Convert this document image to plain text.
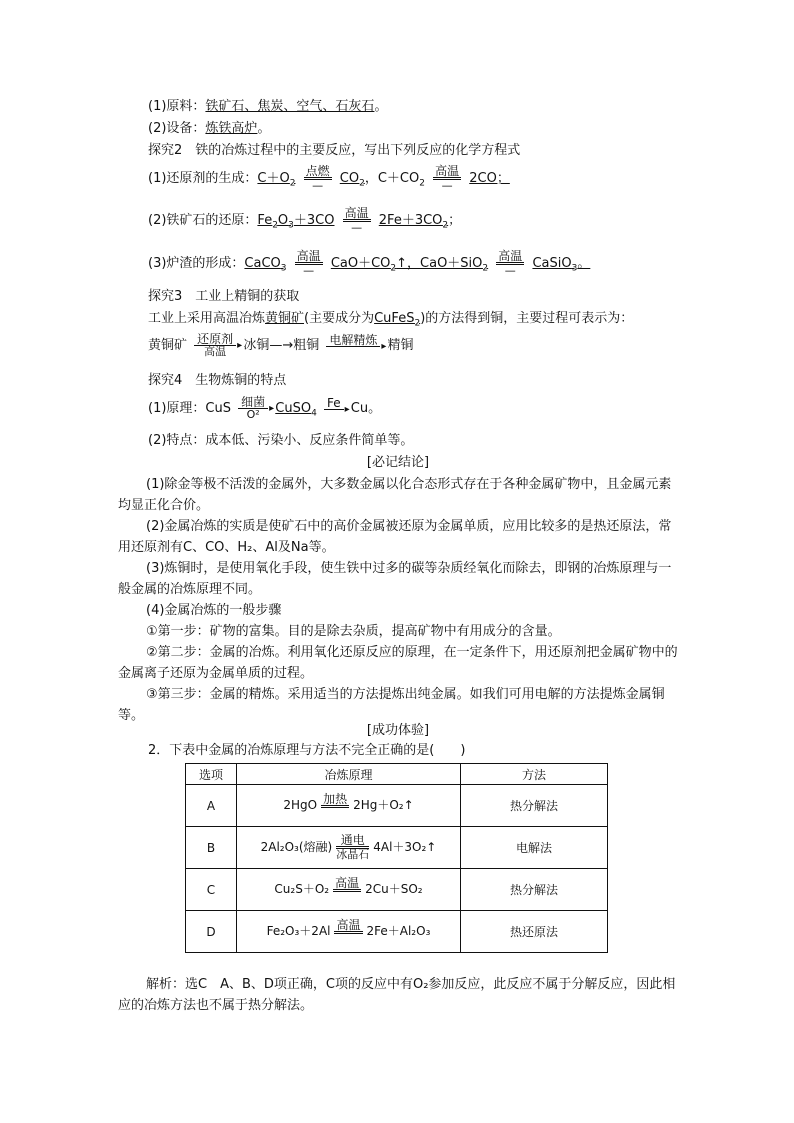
(1)原料：铁矿石、焦炭、空气、石灰石。
(2)设备：炼铁高炉。
探究2　铁的冶炼过程中的主要反应，写出下列反应的化学方程式
(1)还原剂的生成：$C+O_2$
点燃
—	$CO_2$，$C+CO_2$
高温
—	2CO；
(2)铁矿石的还原：$Fe_2O_3+3CO$ 高温
—	$2Fe+3CO_2$；
(3)炉渣的形成：CaCO$_3$
高温
—	$CaO+CO_2↑$，CaO＋SiO$_2$
高温
—	CaSiO$_3$。
探究3　工业上精铜的获取
工业上采用高温冶炼黄铜矿(主要成分为CuFeS$_2$)的方法得到铜，主要过程可表示为：
黄铜矿 还原剂 ▸
高温	冰铜—→粗铜 电解精炼 ▸ 精铜
探究4　生物炼铜的特点
(1)原理：CuS 细菌 ▸
O²	CuSO$_4$
Fe ▸ Cu。
(2)特点：成本低、污染小、反应条件简单等。
[必记结论]

(1)除金等极不活泼的金属外，大多数金属以化合态形式存在于各种金属矿物中，且金属元素均显正化合价。

(2)金属冶炼的实质是使矿石中的高价金属被还原为金属单质，应用比较多的是热还原法，常用还原剂有C、CO、H₂、Al及Na等。

(3)炼铜时，是使用氧化手段，使生铁中过多的碳等杂质经氧化而除去，即钢的冶炼原理与一般金属的冶炼原理不同。

(4)金属冶炼的一般步骤

①第一步：矿物的富集。目的是除去杂质，提高矿物中有用成分的含量。

②第二步：金属的冶炼。利用氧化还原反应的原理，在一定条件下，用还原剂把金属矿物中的金属离子还原为金属单质的过程。

③第三步：金属的精炼。采用适当的方法提炼出纯金属。如我们可用电解的方法提炼金属铜等。

[成功体验]
2．下表中金属的冶炼原理与方法不完全正确的是(　　)
选项	冶炼原理	方法
A	2HgO 加热 2Hg＋O₂↑	热分解法
B	2Al₂O₃(熔融) 通电
冰晶石
4Al＋3O₂↑	电解法
C	Cu₂S＋O₂ 高温 2Cu＋SO₂	热分解法
D	Fe₂O₃＋2Al 高温 2Fe＋Al₂O₃	热还原法

解析：选C　A、B、D项正确，C项的反应中有O₂参加反应，此反应不属于分解反应，因此相应的冶炼方法也不属于热分解法。
